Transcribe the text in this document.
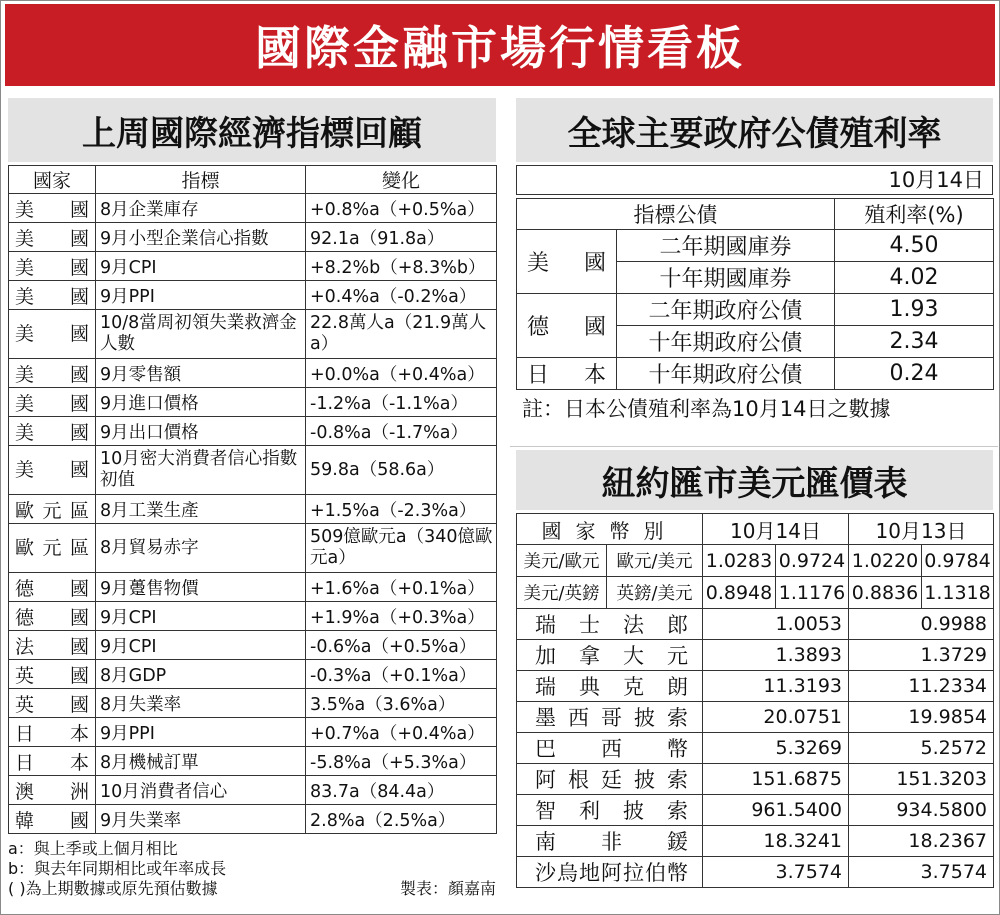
國際金融市場行情看板
上周國際經濟指標回顧
國家	指標	變化
美國	8月企業庫存	+0.8%a（+0.5%a）
美國	9月小型企業信心指數	92.1a（91.8a）
美國	9月CPI	+8.2%b（+8.3%b）
美國	9月PPI	+0.4%a（-0.2%a）
美國	10/8當周初領失業救濟金人數	22.8萬人a（21.9萬人a）
美國	9月零售額	+0.0%a（+0.4%a）
美國	9月進口價格	-1.2%a（-1.1%a）
美國	9月出口價格	-0.8%a（-1.7%a）
美國	10月密大消費者信心指數初值	59.8a（58.6a）
歐元區	8月工業生產	+1.5%a（-2.3%a）
歐元區	8月貿易赤字	509億歐元a（340億歐元a）
德國	9月躉售物價	+1.6%a（+0.1%a）
德國	9月CPI	+1.9%a（+0.3%a）
法國	9月CPI	-0.6%a（+0.5%a）
英國	8月GDP	-0.3%a（+0.1%a）
英國	8月失業率	3.5%a（3.6%a）
日本	9月PPI	+0.7%a（+0.4%a）
日本	8月機械訂單	-5.8%a（+5.3%a）
澳洲	10月消費者信心	83.7a（84.4a）
韓國	9月失業率	2.8%a（2.5%a）
a：與上季或上個月相比
b：與去年同期相比或年率成長
( )為上期數據或原先預估數據	製表：顏嘉南
全球主要政府公債殖利率
10月14日
指標公債		殖利率(%)
美國	二年期國庫券	4.50
	十年期國庫券	4.02
德國	二年期政府公債	1.93
	十年期政府公債	2.34
日本	十年期政府公債	0.24
註：日本公債殖利率為10月14日之數據
紐約匯市美元匯價表
國家幣別		10月14日		10月13日	
美元/歐元	歐元/美元	1.0283	0.9724	1.0220	0.9784
美元/英鎊	英鎊/美元	0.8948	1.1176	0.8836	1.1318
瑞士法郎		1.0053		0.9988	
加拿大元		1.3893		1.3729	
瑞典克朗		11.3193		11.2334	
墨西哥披索		20.0751		19.9854	
巴西幣		5.3269		5.2572	
阿根廷披索		151.6875		151.3203	
智利披索		961.5400		934.5800	
南非鍰		18.3241		18.2367	
沙烏地阿拉伯幣		3.7574		3.7574	
